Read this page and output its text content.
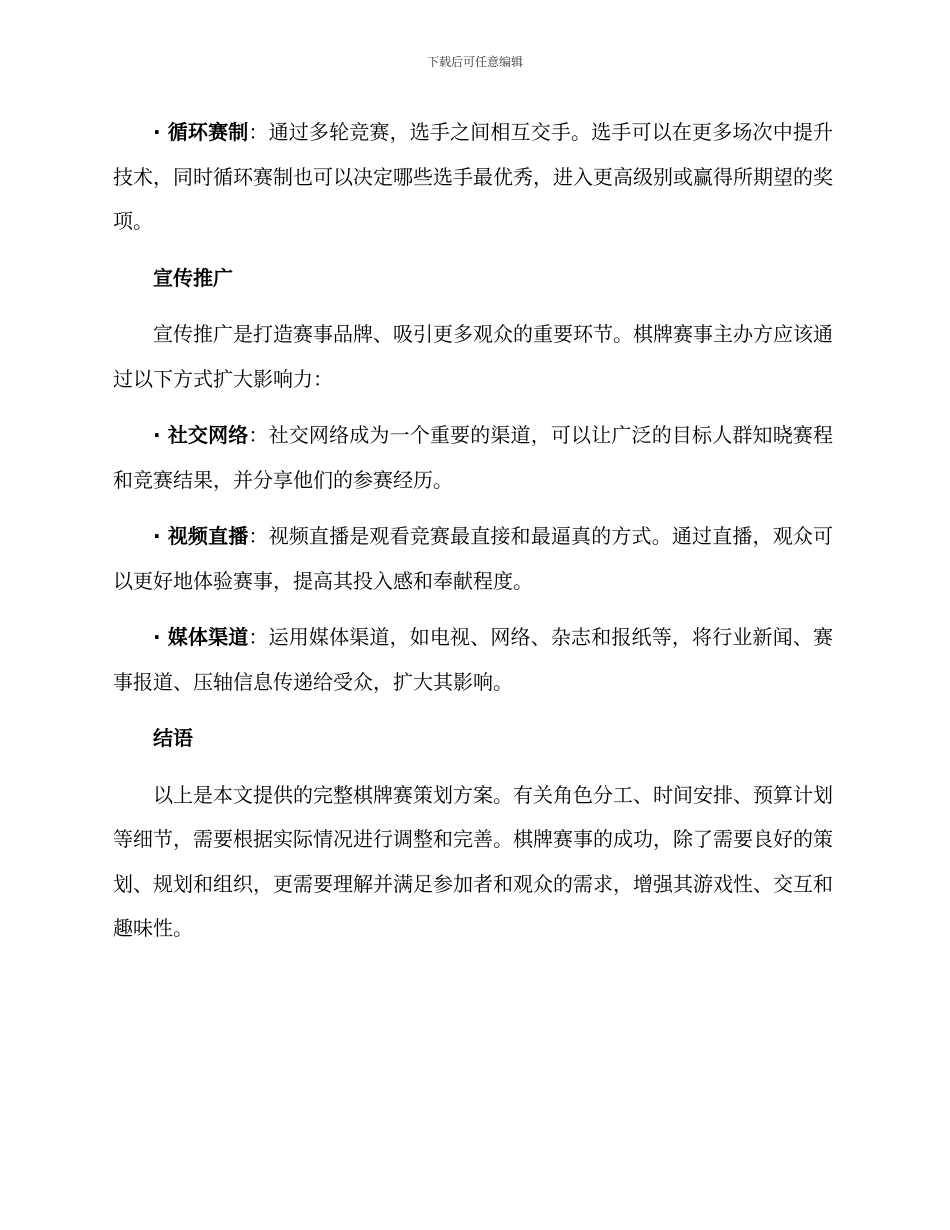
下载后可任意编辑

· 循环赛制：通过多轮竞赛，选手之间相互交手。选手可以在更多场次中提升技术，同时循环赛制也可以决定哪些选手最优秀，进入更高级别或赢得所期望的奖项。

宣传推广

宣传推广是打造赛事品牌、吸引更多观众的重要环节。棋牌赛事主办方应该通过以下方式扩大影响力：

· 社交网络：社交网络成为一个重要的渠道，可以让广泛的目标人群知晓赛程和竞赛结果，并分享他们的参赛经历。

· 视频直播：视频直播是观看竞赛最直接和最逼真的方式。通过直播，观众可以更好地体验赛事，提高其投入感和奉献程度。

· 媒体渠道：运用媒体渠道，如电视、网络、杂志和报纸等，将行业新闻、赛事报道、压轴信息传递给受众，扩大其影响。

结语

以上是本文提供的完整棋牌赛策划方案。有关角色分工、时间安排、预算计划等细节，需要根据实际情况进行调整和完善。棋牌赛事的成功，除了需要良好的策划、规划和组织，更需要理解并满足参加者和观众的需求，增强其游戏性、交互和趣味性。
